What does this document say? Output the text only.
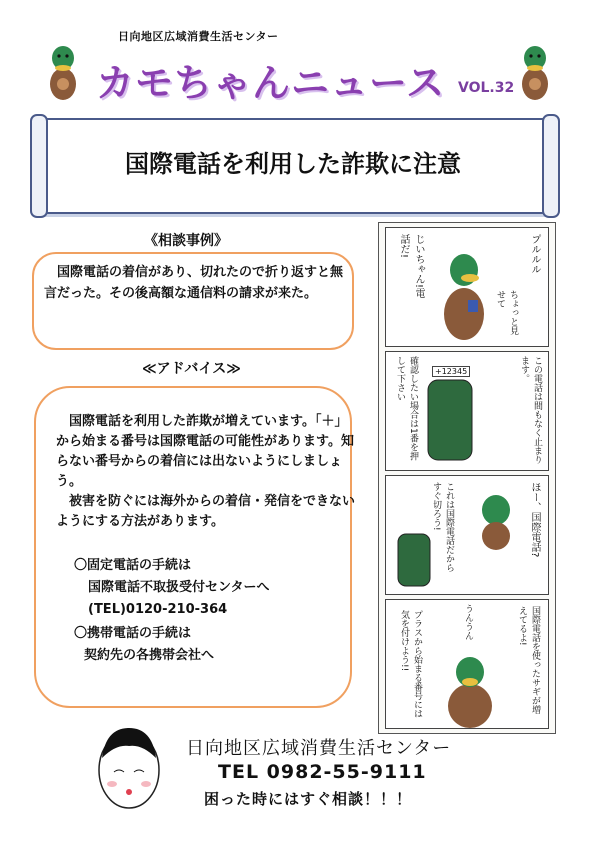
日向地区広域消費生活センター
カモちゃんニュース VOL.32
国際電話を利用した詐欺に注意
《相談事例》
国際電話の着信があり、切れたので折り返すと無言だった。その後高額な通信料の請求が来た。
≪アドバイス≫

国際電話を利用した詐欺が増えています。「＋」から始まる番号は国際電話の可能性があります。知らない番号からの着信には出ないようにしましょう。

被害を防ぐには海外からの着信・発信をできないようにする方法があります。

〇固定電話の手続は
国際電話不取扱受付センターへ
(TEL)0120-210-364
〇携帯電話の手続は
契約先の各携帯会社へ
プルルル
じいちゃん!電話だ!
ちょっと見せて
この電話は間もなく止まります。
確認したい場合は1番を押して下さい	+12345
ほー、国際電話?
これは国際電話だからすぐ切ろう!
国際電話を使ったサギが増えてるよ!
プラスから始まる番号には気を付けよう!!	うんうん
日向地区広域消費生活センター
TEL 0982-55-9111
困った時にはすぐ相談！！！
